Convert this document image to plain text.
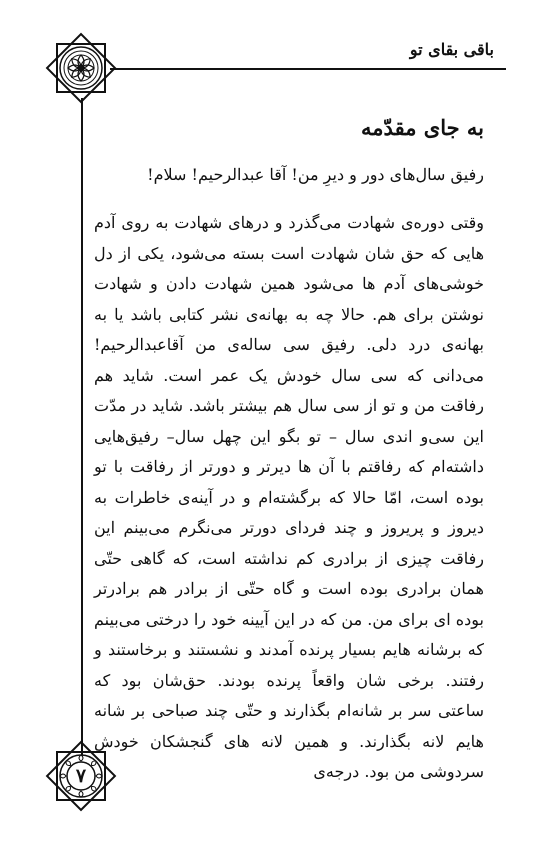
باقی بقای تو
۷
به جای مقدّمه

رفیق سال‌های دور و دیرِ من! آقا عبدالرحیم! سلام!

وقتی دوره‌ی شهادت می‌گذرد و درهای شهادت به روی آدم هایی که حق شان شهادت است بسته می‌شود، یکی از دل خوشی‌های آدم ها می‌شود همین شهادت دادن و شهادت نوشتن برای هم. حالا چه به بهانه‌ی نشر کتابی باشد یا به بهانه‌ی درد دلی. رفیق سی ساله‌ی من آقاعبدالرحیم! می‌دانی که سی سال خودش یک عمر است. شاید هم رفاقت من و تو از سی سال هم بیشتر باشد. شاید در مدّت این سی‌و اندی سال – تو بگو این چهل سال– رفیق‌هایی داشته‌ام که رفاقتم با آن ها دیرتر و دورتر از رفاقت با تو بوده است، امّا حالا که برگشته‌ام و در آینه‌ی خاطرات به دیروز و پریروز و چند فردای دورتر می‌نگرم می‌بینم این رفاقت چیزی از برادری کم نداشته است، که گاهی حتّی همان برادری بوده است و گاه حتّی از برادر هم برادرتر بوده ای برای من. من که در این آیینه خود را درختی می‌بینم که برشانه هایم بسیار پرنده آمدند و نشستند و برخاستند و رفتند. برخی شان واقعاً پرنده بودند. حق‌شان بود که ساعتی سر بر شانه‌ام بگذارند و حتّی چند صباحی بر شانه هایم لانه بگذارند. و همین لانه های گنجشکان خودش سردوشی من بود. درجه‌ی
